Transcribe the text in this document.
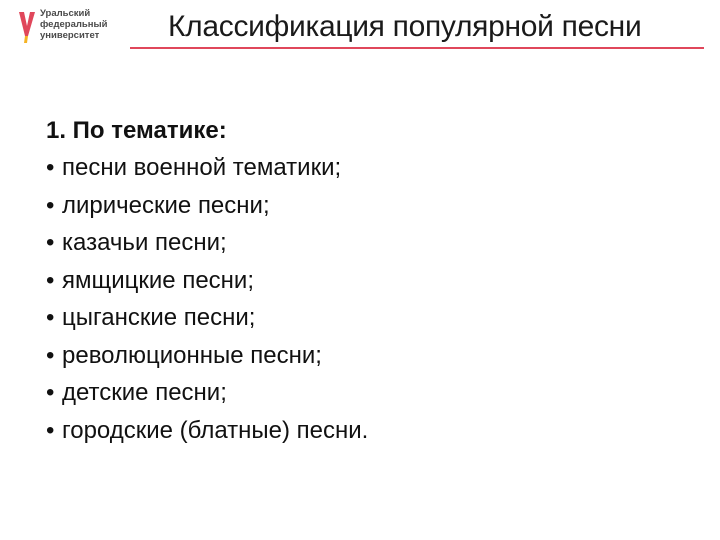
Уральский
федеральный
университет Классификация популярной песни
1. По тематике:
• песни военной тематики;
• лирические песни;
• казачьи песни;
• ямщицкие песни;
• цыганские песни;
• революционные песни;
• детские песни;
• городские (блатные) песни.
